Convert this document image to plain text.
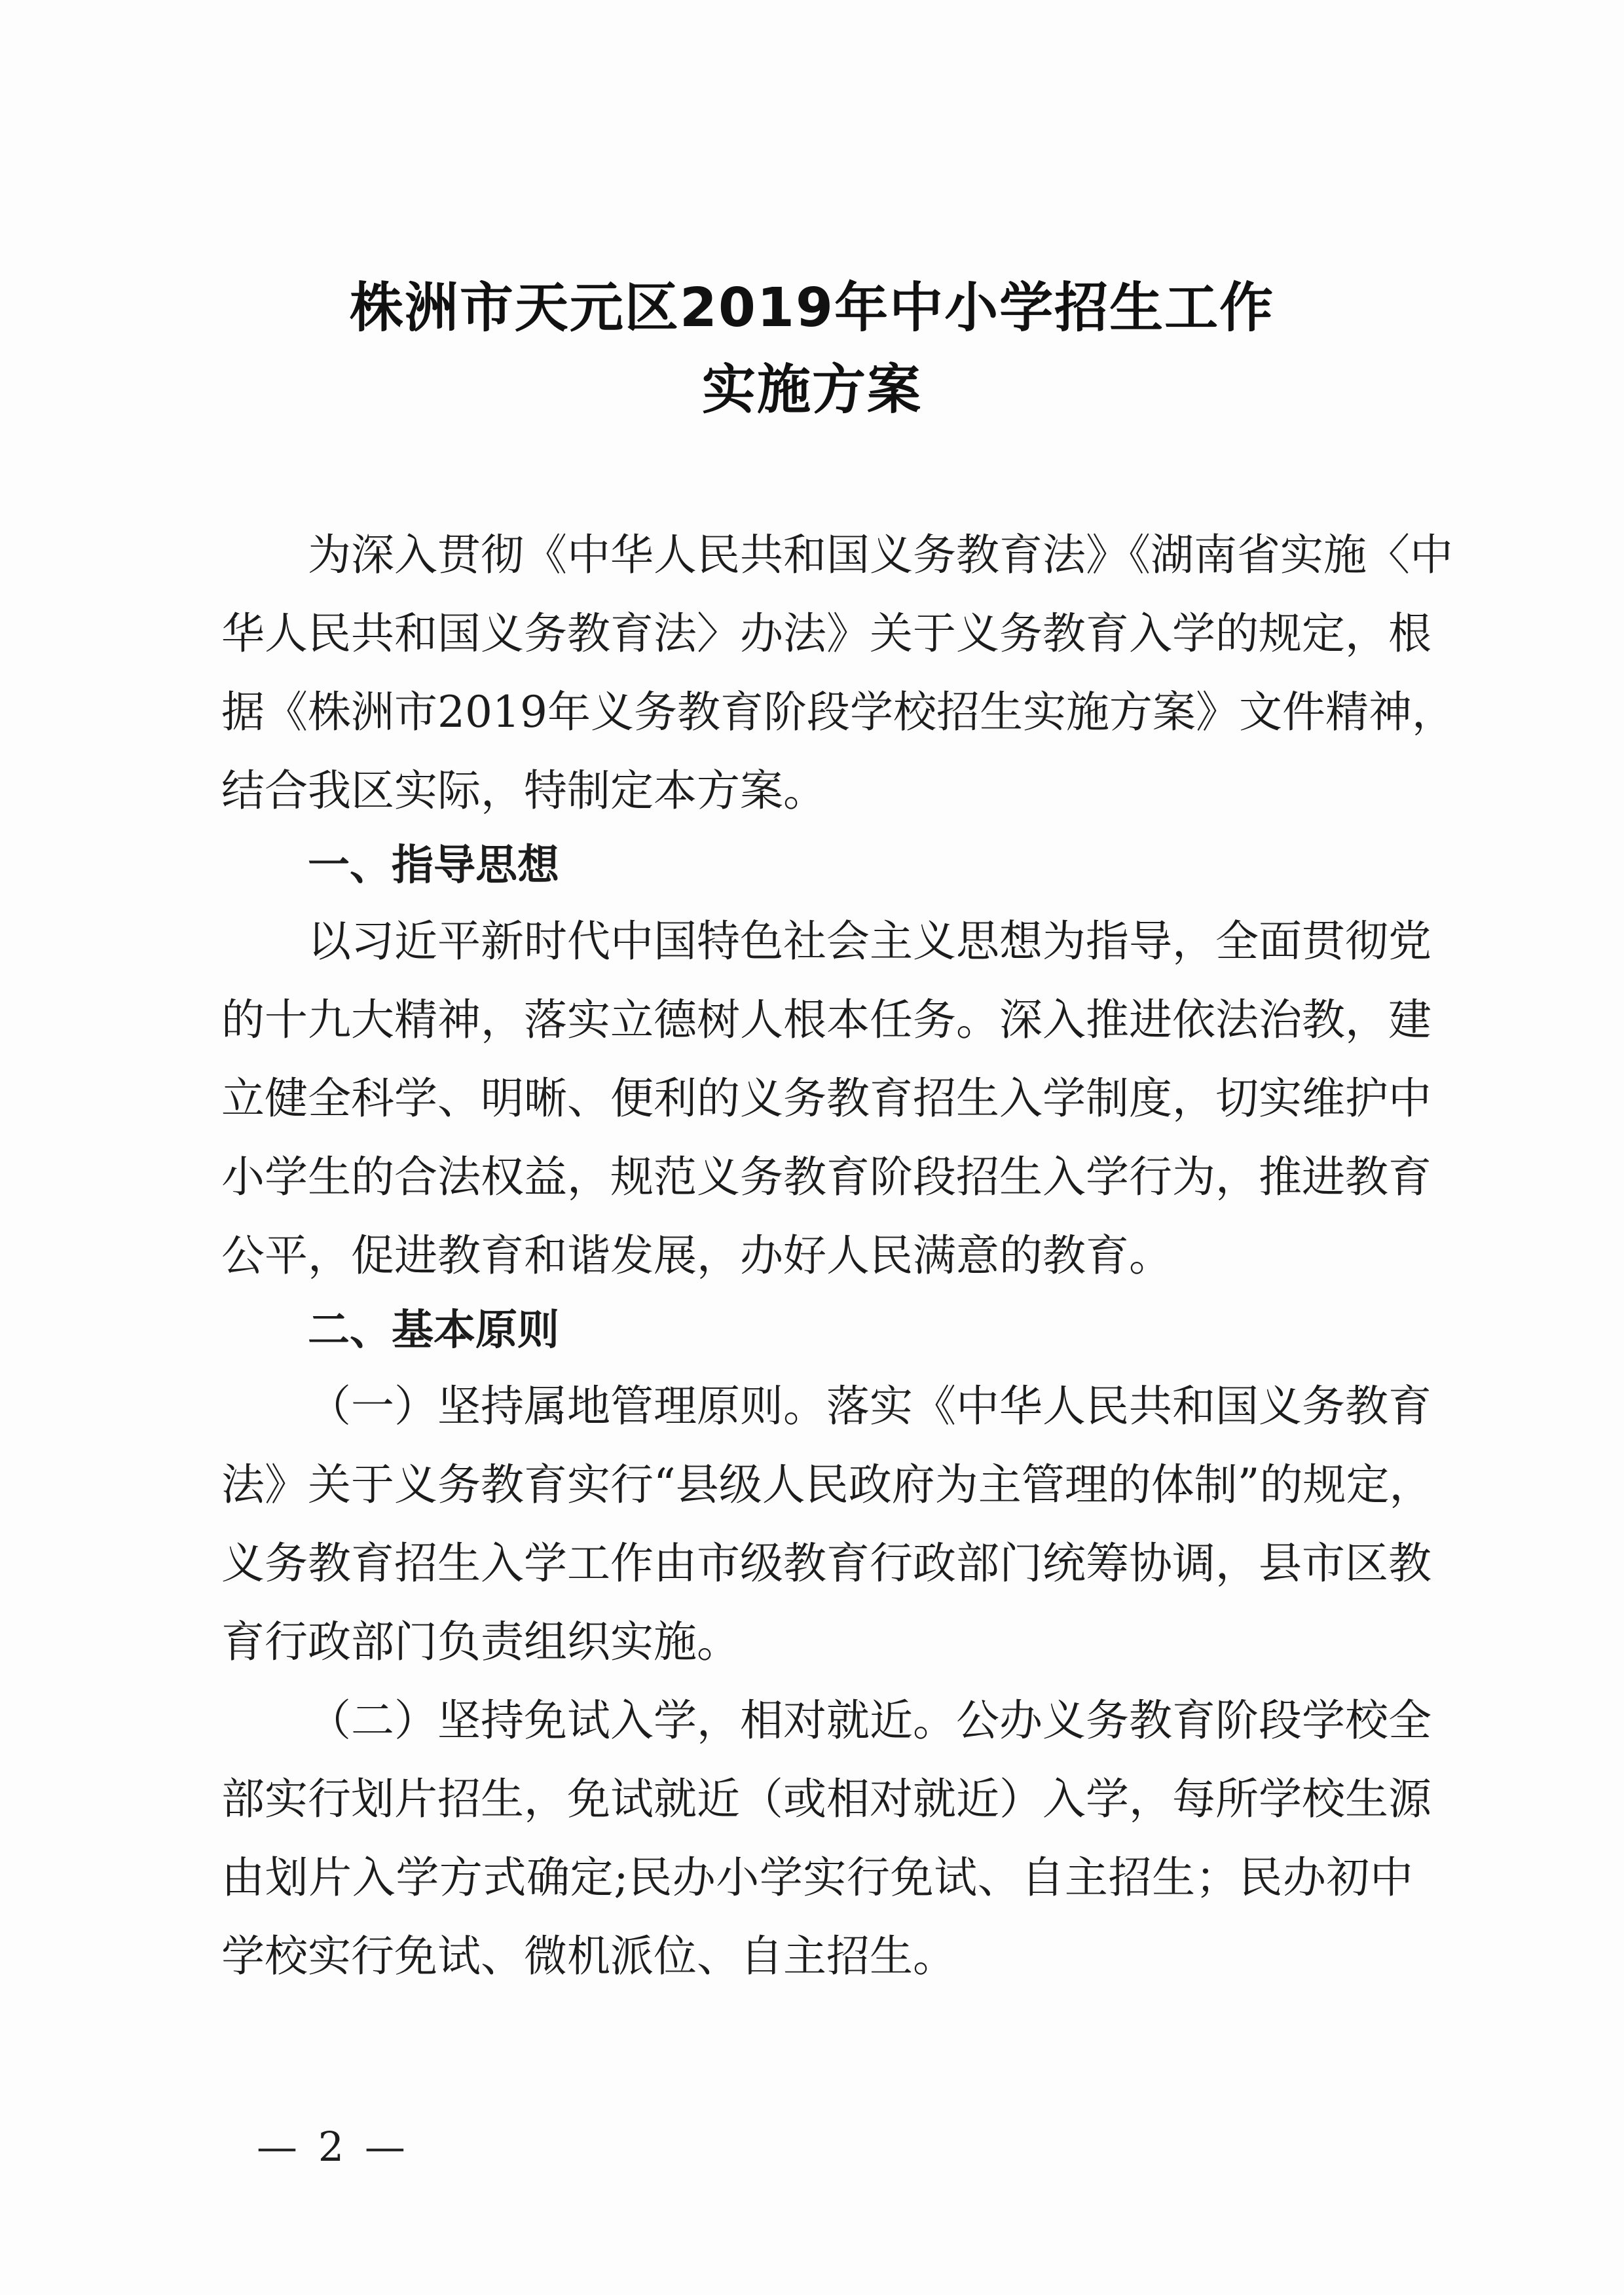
株洲市天元区2019年中小学招生工作
实施方案
为深入贯彻《中华人民共和国义务教育法》《湖南省实施〈中
华人民共和国义务教育法〉办法》关于义务教育入学的规定，根
据《株洲市2019年义务教育阶段学校招生实施方案》文件精神，
结合我区实际，特制定本方案。
一、指导思想
以习近平新时代中国特色社会主义思想为指导，全面贯彻党
的十九大精神，落实立德树人根本任务。深入推进依法治教，建
立健全科学、明晰、便利的义务教育招生入学制度，切实维护中
小学生的合法权益，规范义务教育阶段招生入学行为，推进教育
公平，促进教育和谐发展，办好人民满意的教育。
二、基本原则
（一）坚持属地管理原则。落实《中华人民共和国义务教育
法》关于义务教育实行“县级人民政府为主管理的体制”的规定，
义务教育招生入学工作由市级教育行政部门统筹协调，县市区教
育行政部门负责组织实施。
（二）坚持免试入学，相对就近。公办义务教育阶段学校全
部实行划片招生，免试就近（或相对就近）入学，每所学校生源
由划片入学方式确定;民办小学实行免试、自主招生；民办初中
学校实行免试、微机派位、自主招生。
— 2 —
